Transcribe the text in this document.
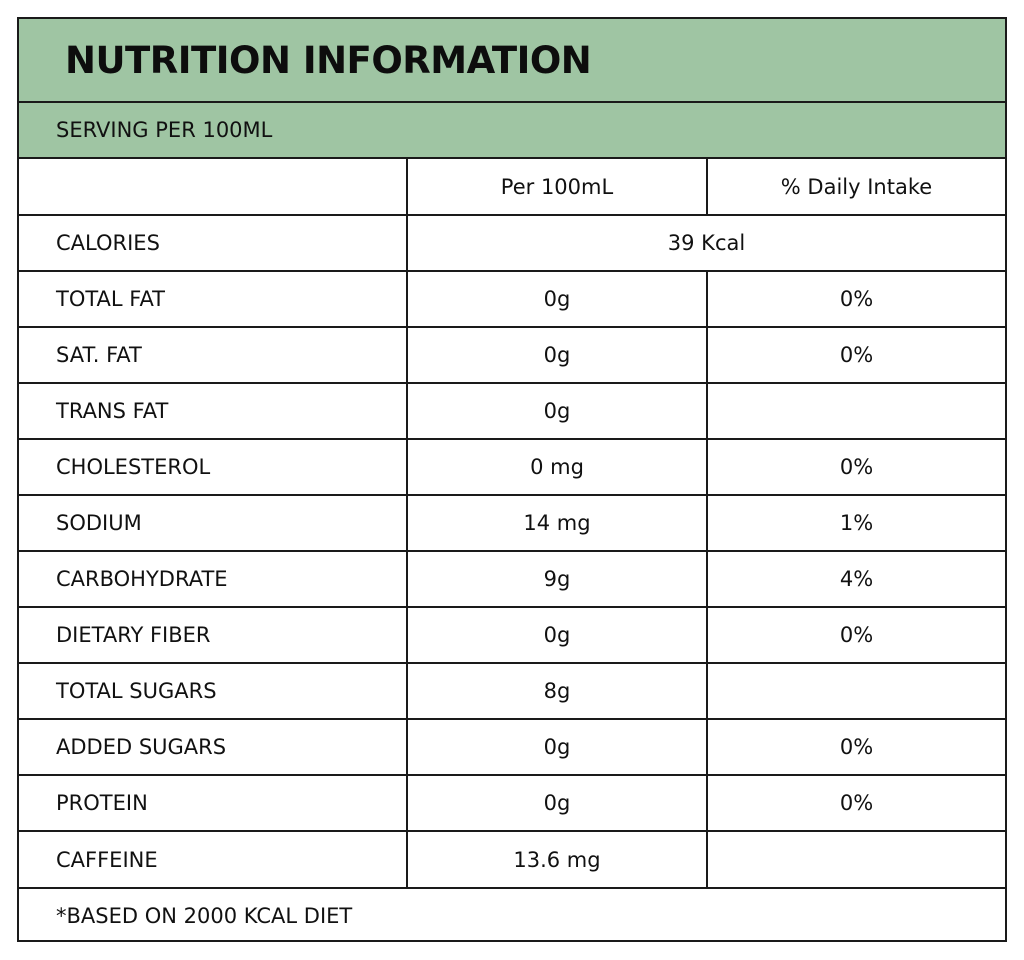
NUTRITION INFORMATION
SERVING PER 100ML
	Per 100mL	% Daily Intake
CALORIES	39 Kcal	
TOTAL FAT	0g	0%
SAT. FAT	0g	0%
TRANS FAT	0g	
CHOLESTEROL	0 mg	0%
SODIUM	14 mg	1%
CARBOHYDRATE	9g	4%
DIETARY FIBER	0g	0%
TOTAL SUGARS	8g	
ADDED SUGARS	0g	0%
PROTEIN	0g	0%
CAFFEINE	13.6 mg	
*BASED ON 2000 KCAL DIET
